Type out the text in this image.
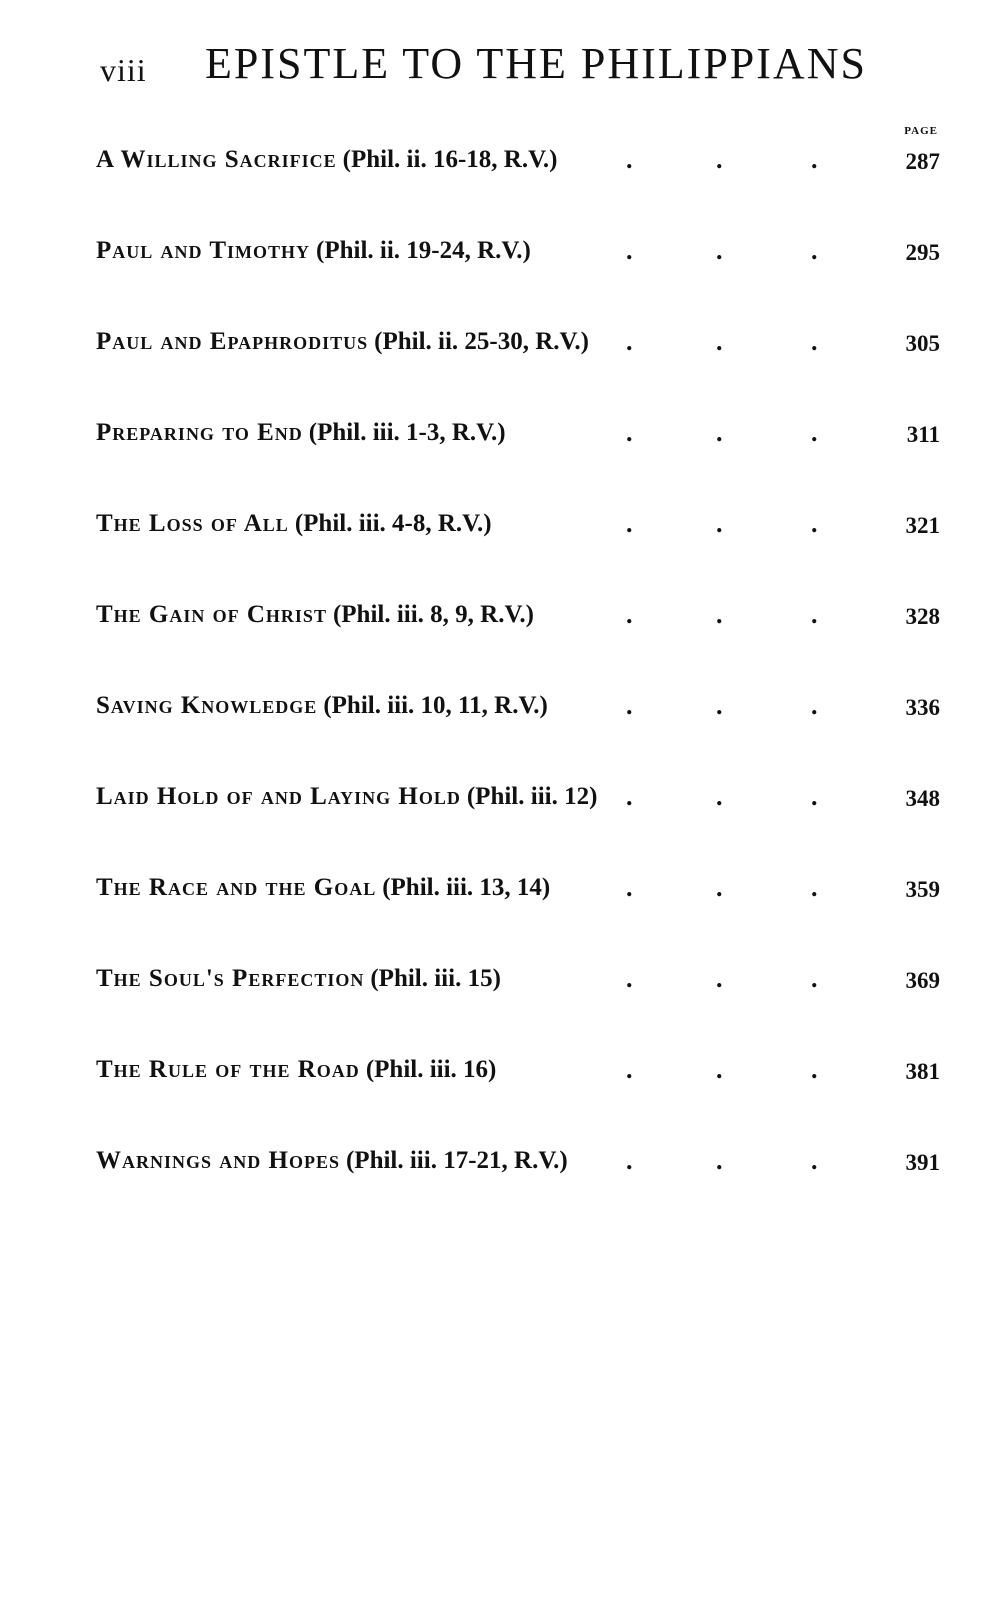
viii EPISTLE TO THE PHILIPPIANS
PAGE
A Willing Sacrifice (Phil. ii. 16-18, R.V.)	.	.	.	287
Paul and Timothy (Phil. ii. 19-24, R.V.)	.	.	.	295
Paul and Epaphroditus (Phil. ii. 25-30, R.V.) .	.	.	305
Preparing to End (Phil. iii. 1-3, R.V.)	.	.	.	311
The Loss of All (Phil. iii. 4-8, R.V.)	.	.	.	321
The Gain of Christ (Phil. iii. 8, 9, R.V.)	.	.	.	328
Saving Knowledge (Phil. iii. 10, 11, R.V.)	.	.	.	336
Laid Hold of and Laying Hold (Phil. iii. 12) .	.	.	348
The Race and the Goal (Phil. iii. 13, 14)	.	.	.	359
The Soul's Perfection (Phil. iii. 15)	.	.	.	369
The Rule of the Road (Phil. iii. 16)	.	.	.	381
Warnings and Hopes (Phil. iii. 17-21, R.V.) .	.	.	391
